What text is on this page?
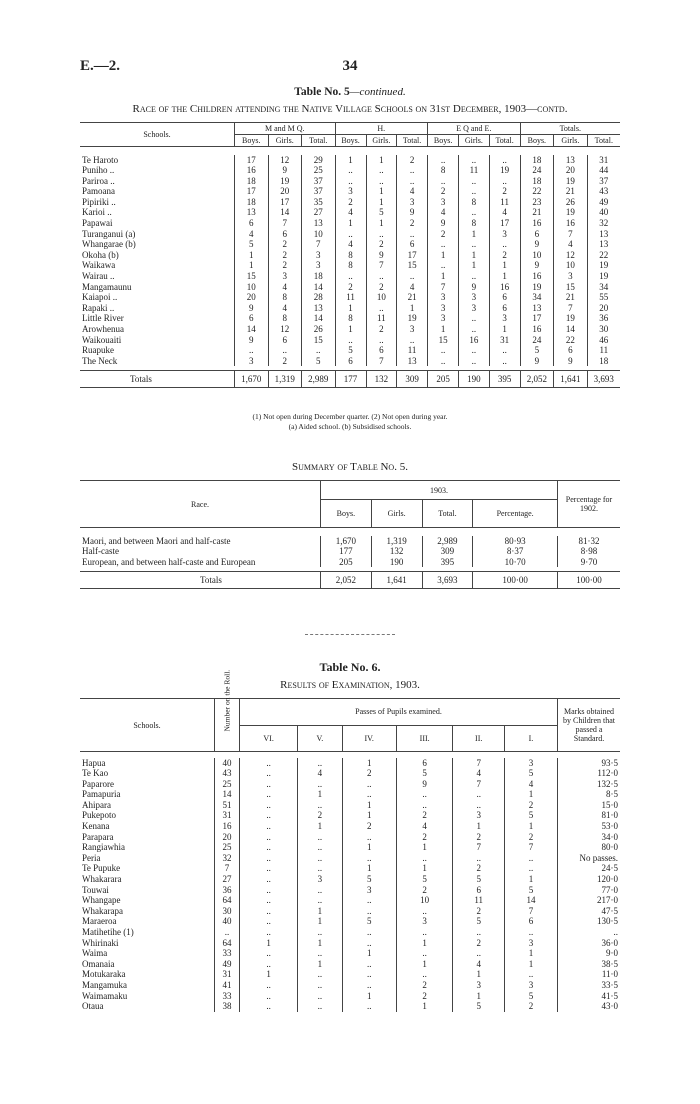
E.—2.	34
Table No. 5—continued.
Race of the Children attending the Native Village Schools on 31st December, 1903—contd.
Schools.	M and M Q.			H.			E Q and E.			Totals.		
	Boys.	Girls.	Total.	Boys.	Girls.	Total.	Boys.	Girls.	Total.	Boys.	Girls.	Total.

Te Haroto	17	12	29	1	1	2	..	..	..	18	13	31
Puniho ..	16	9	25	..	..	..	8	11	19	24	20	44
Pariroa ..	18	19	37	..	..	..	..	..	..	18	19	37
Pamoana	17	20	37	3	1	4	2	..	2	22	21	43
Pipiriki ..	18	17	35	2	1	3	3	8	11	23	26	49
Karioi ..	13	14	27	4	5	9	4	..	4	21	19	40
Papawai	6	7	13	1	1	2	9	8	17	16	16	32
Turanganui (a)	4	6	10	..	..	..	2	1	3	6	7	13
Whangarae (b)	5	2	7	4	2	6	..	..	..	9	4	13
Okoha (b)	1	2	3	8	9	17	1	1	2	10	12	22
Waikawa	1	2	3	8	7	15	..	1	1	9	10	19
Wairau ..	15	3	18	..	..	..	1	..	1	16	3	19
Mangamaunu	10	4	14	2	2	4	7	9	16	19	15	34
Kaiapoi ..	20	8	28	11	10	21	3	3	6	34	21	55
Rapaki ..	9	4	13	1	..	1	3	3	6	13	7	20
Little River	6	8	14	8	11	19	3	..	3	17	19	36
Arowhenua	14	12	26	1	2	3	1	..	1	16	14	30
Waikouaiti	9	6	15	..	..	..	15	16	31	24	22	46
Ruapuke	..	..	..	5	6	11	..	..	..	5	6	11
The Neck	3	2	5	6	7	13	..	..	..	9	9	18

Totals	1,670	1,319	2,989	177	132	309	205	190	395	2,052	1,641	3,693
(1) Not open during December quarter. (2) Not open during year.
(a) Aided school. (b) Subsidised schools.
Summary of Table No. 5.
Race.	1903.				Percentage for 1902.
	Boys.	Girls.	Total.	Percentage.	

Maori, and between Maori and half-caste	1,670	1,319	2,989	80·93	81·32
Half-caste	177	132	309	8·37	8·98
European, and between half-caste and European	205	190	395	10·70	9·70

Totals	2,052	1,641	3,693	100·00	100·00
Table No. 6.
Results of Examination, 1903.
Schools.	Number on the Roll.	Passes of Pupils examined.						Marks obtained by Children that passed a Standard.
		VI.	V.	IV.	III.	II.	I.	

Hapua	40	..	..	1	6	7	3	93·5
Te Kao	43	..	4	2	5	4	5	112·0
Paparore	25	..	..	..	9	7	4	132·5
Pamapuria	14	..	1	..	..	..	1	8·5
Ahipara	51	..	..	1	..	..	2	15·0
Pukepoto	31	..	2	1	2	3	5	81·0
Kenana	16	..	1	2	4	1	1	53·0
Parapara	20	..	..	..	2	2	2	34·0
Rangiawhia	25	..	..	1	1	7	7	80·0
Peria	32	..	..	..	..	..	..	No passes.
Te Pupuke	7	..	..	1	1	2	..	24·5
Whakarara	27	..	3	5	5	5	1	120·0
Touwai	36	..	..	3	2	6	5	77·0
Whangape	64	..	..	..	10	11	14	217·0
Whakarapa	30	..	1	..	..	2	7	47·5
Maraeroa	40	..	1	5	3	5	6	130·5
Matihetihe (1)	..	..	..	..	..	..	..	..
Whirinaki	64	1	1	..	1	2	3	36·0
Waima	33	..	..	1	..	..	1	9·0
Omanaia	49	..	1	..	1	4	1	38·5
Motukaraka	31	1	..	..	..	1	..	11·0
Mangamuka	41	..	..	..	2	3	3	33·5
Waimamaku	33	..	..	1	2	1	5	41·5
Otaua	38	..	..	..	1	5	2	43·0
